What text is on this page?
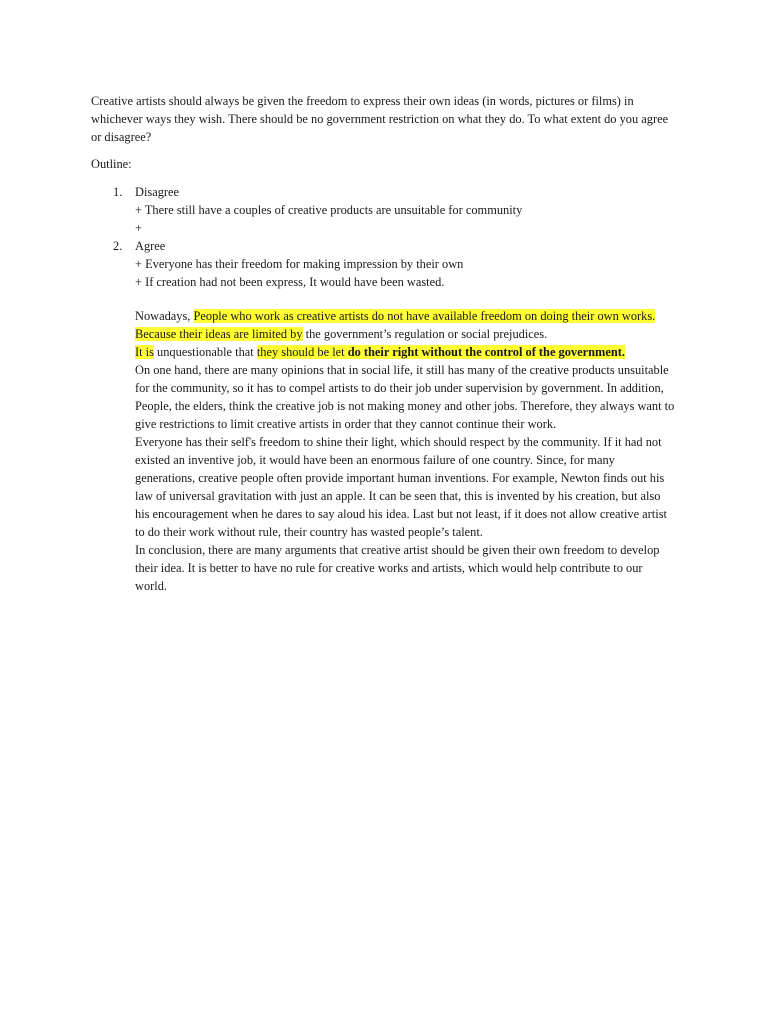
Creative artists should always be given the freedom to express their own ideas (in words, pictures or films) in whichever ways they wish. There should be no government restriction on what they do. To what extent do you agree or disagree?

Outline:

1. Disagree
+ There still have a couples of creative products are unsuitable for community
+
2. Agree
+ Everyone has their freedom for making impression by their own
+ If creation had not been express, It would have been wasted.

Nowadays, People who work as creative artists do not have available freedom on doing their own works. Because their ideas are limited by the government’s regulation or social prejudices.

It is unquestionable that they should be let do their right without the control of the government.

On one hand, there are many opinions that in social life, it still has many of the creative products unsuitable for the community, so it has to compel artists to do their job under supervision by government. In addition, People, the elders, think the creative job is not making money and other jobs. Therefore, they always want to give restrictions to limit creative artists in order that they cannot continue their work.

Everyone has their self's freedom to shine their light, which should respect by the community. If it had not existed an inventive job, it would have been an enormous failure of one country. Since, for many generations, creative people often provide important human inventions. For example, Newton finds out his law of universal gravitation with just an apple. It can be seen that, this is invented by his creation, but also his encouragement when he dares to say aloud his idea. Last but not least, if it does not allow creative artist to do their work without rule, their country has wasted people’s talent.

In conclusion, there are many arguments that creative artist should be given their own freedom to develop their idea. It is better to have no rule for creative works and artists, which would help contribute to our world.
